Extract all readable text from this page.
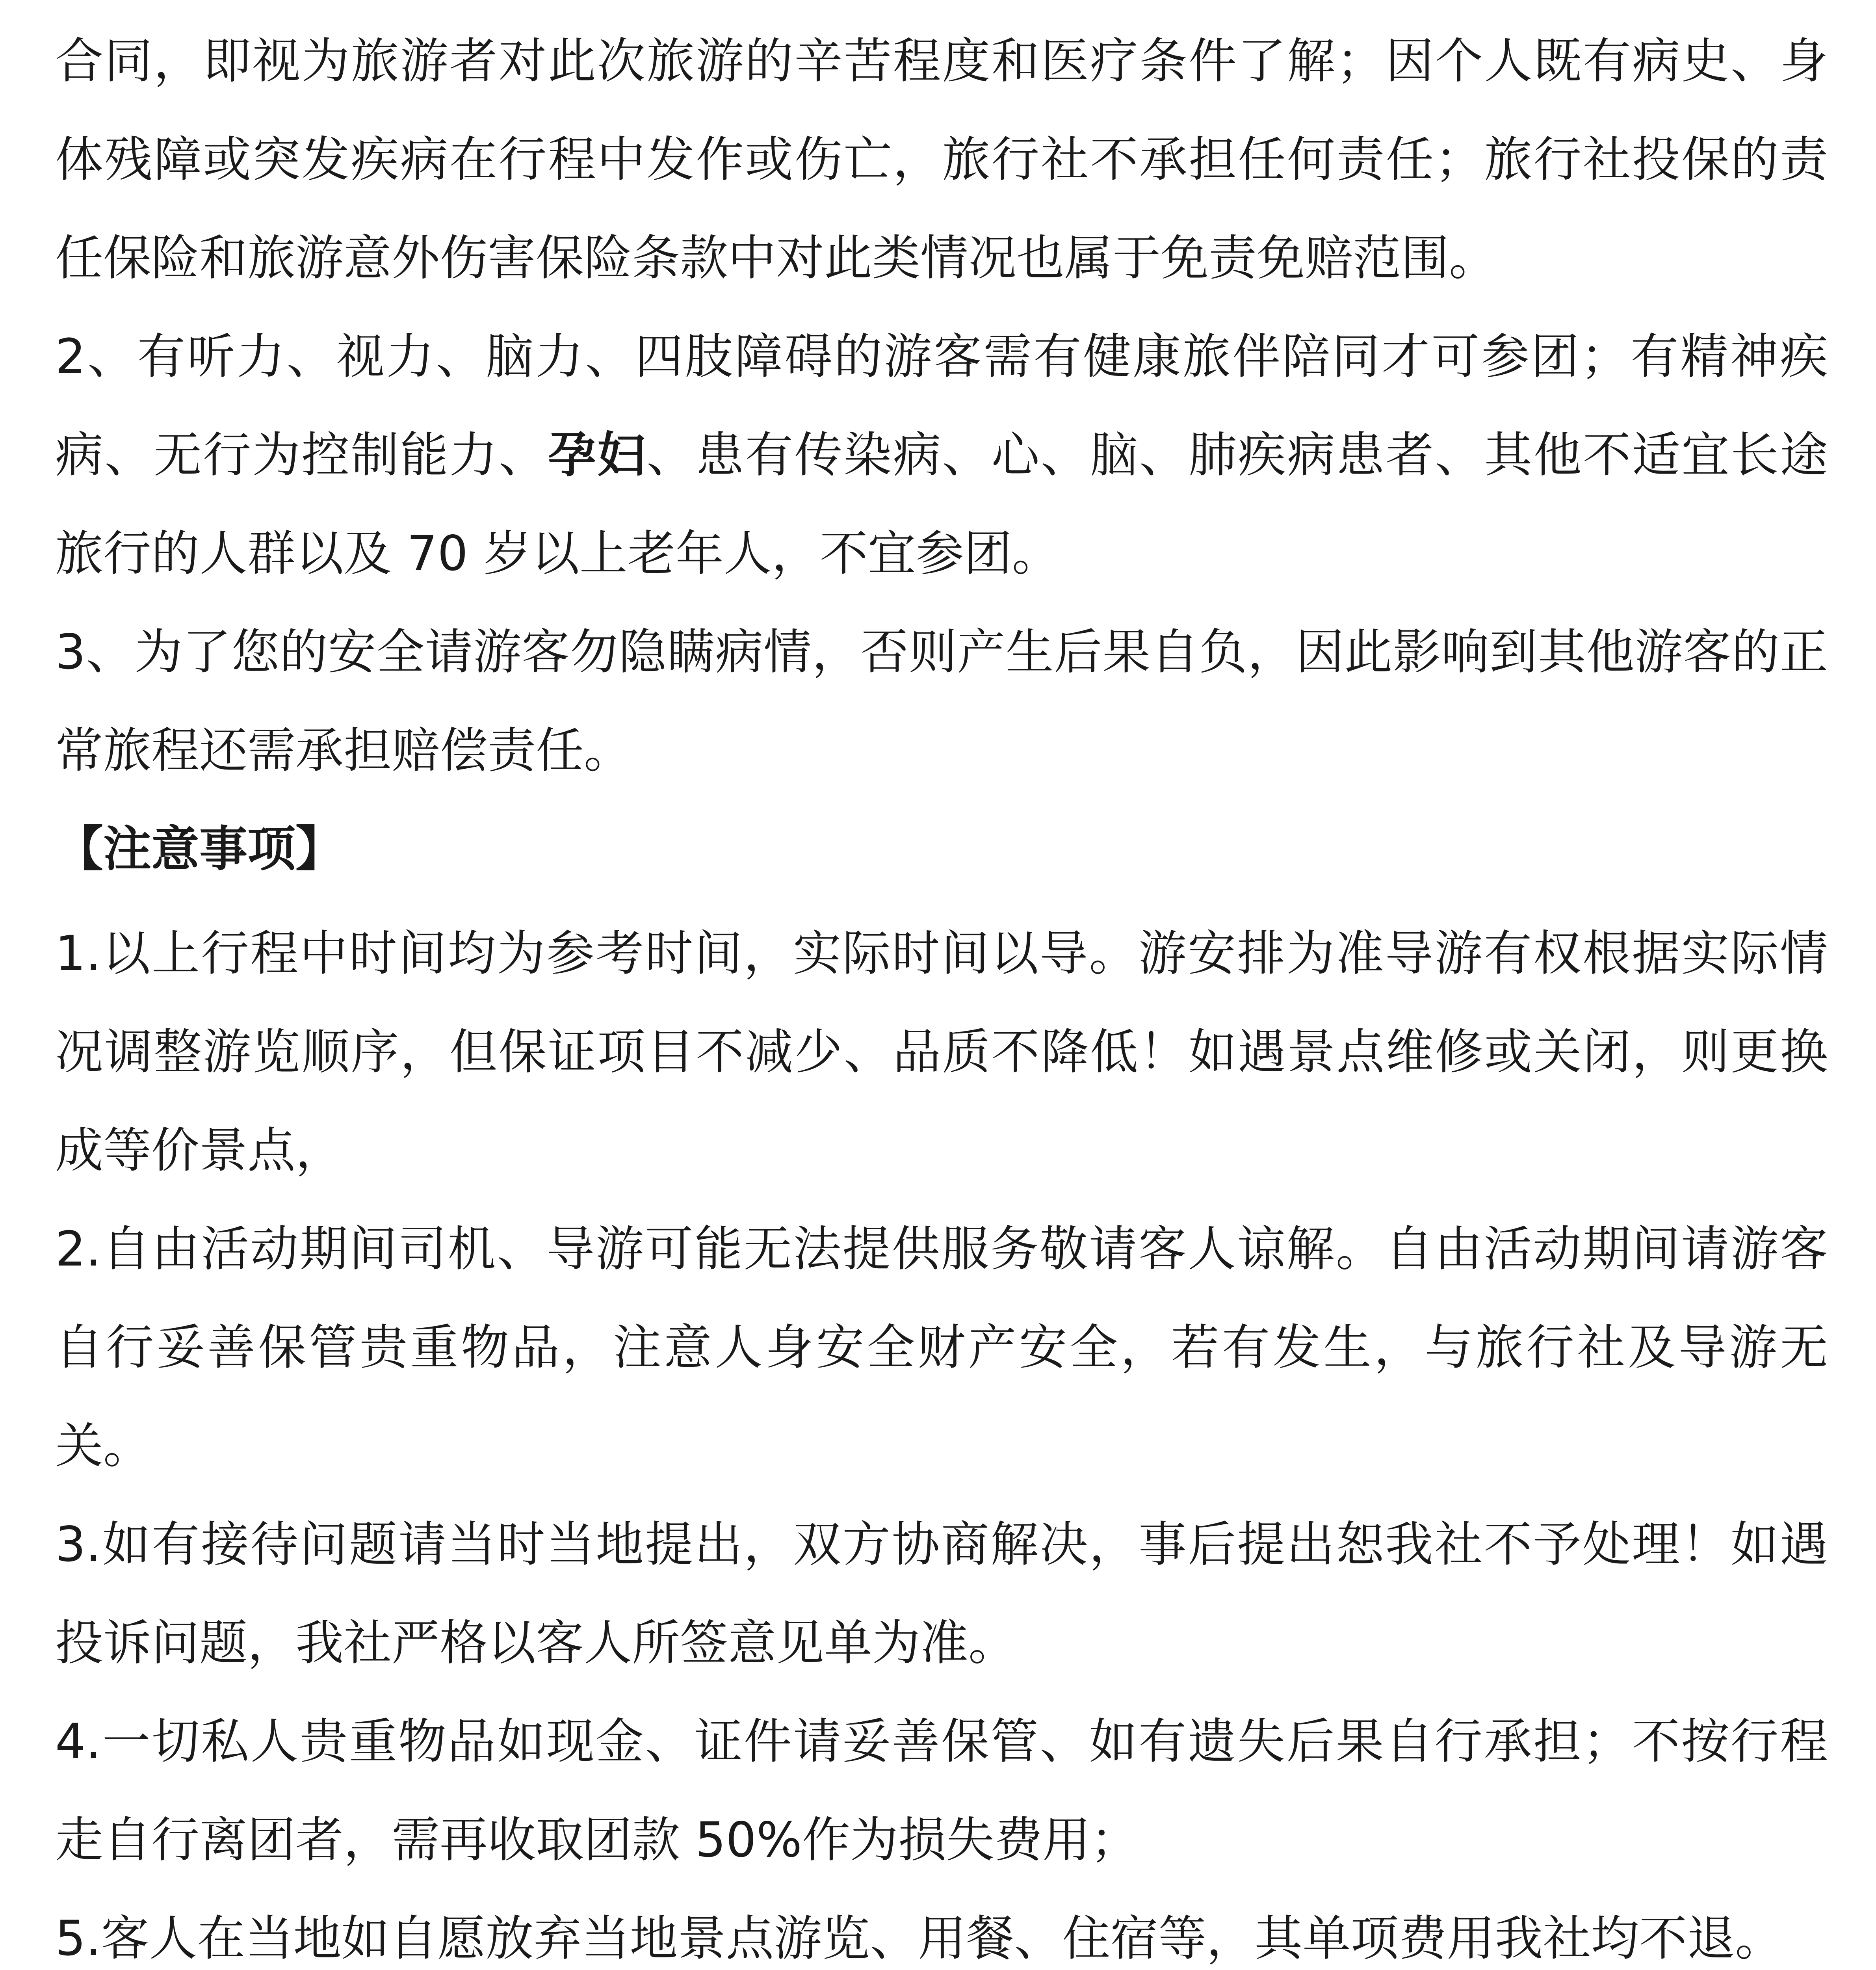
合同，即视为旅游者对此次旅游的辛苦程度和医疗条件了解；因个人既有病史、身体残障或突发疾病在行程中发作或伤亡，旅行社不承担任何责任；旅行社投保的责任保险和旅游意外伤害保险条款中对此类情况也属于免责免赔范围。

2、有听力、视力、脑力、四肢障碍的游客需有健康旅伴陪同才可参团；有精神疾病、无行为控制能力、孕妇、患有传染病、心、脑、肺疾病患者、其他不适宜长途旅行的人群以及 70 岁以上老年人，不宜参团。

3、为了您的安全请游客勿隐瞒病情，否则产生后果自负，因此影响到其他游客的正常旅程还需承担赔偿责任。

【注意事项】

1.以上行程中时间均为参考时间，实际时间以导。游安排为准导游有权根据实际情况调整游览顺序，但保证项目不减少、品质不降低！如遇景点维修或关闭，则更换成等价景点，

2.自由活动期间司机、导游可能无法提供服务敬请客人谅解。自由活动期间请游客自行妥善保管贵重物品，注意人身安全财产安全，若有发生，与旅行社及导游无关。

3.如有接待问题请当时当地提出，双方协商解决，事后提出恕我社不予处理！如遇投诉问题，我社严格以客人所签意见单为准。

4.一切私人贵重物品如现金、证件请妥善保管、如有遗失后果自行承担；不按行程走自行离团者，需再收取团款 50%作为损失费用；

5.客人在当地如自愿放弃当地景点游览、用餐、住宿等，其单项费用我社均不退。
